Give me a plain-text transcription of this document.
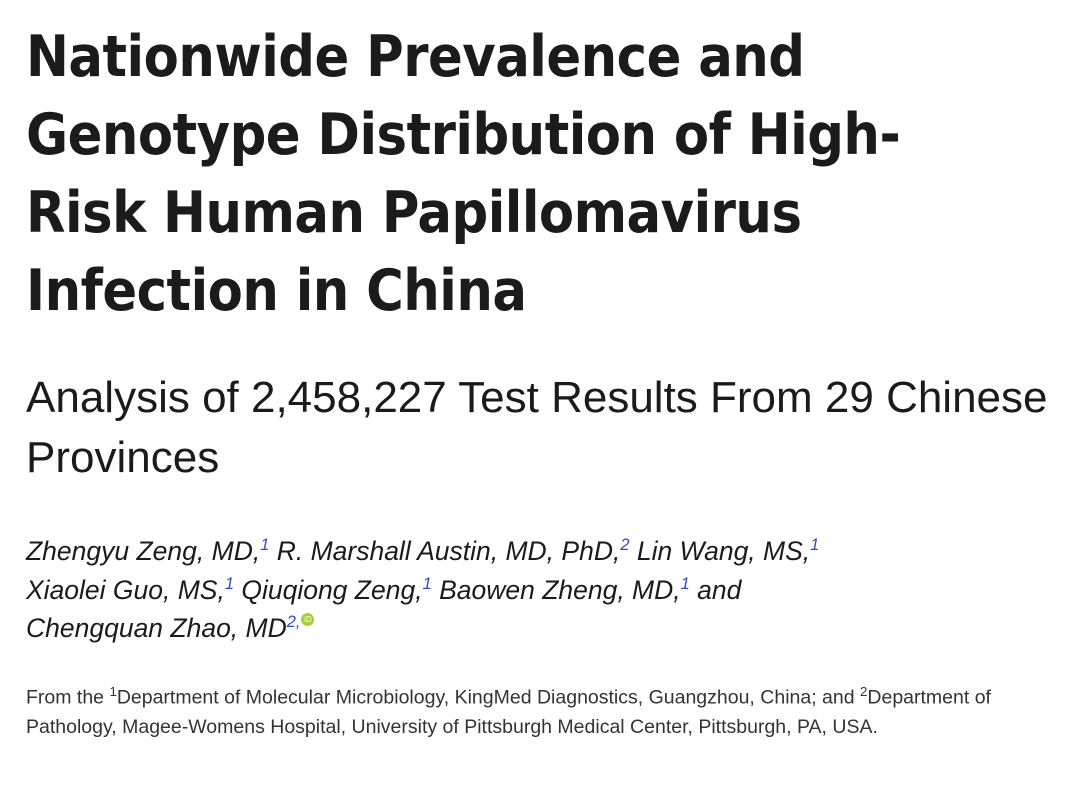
Nationwide Prevalence and Genotype Distribution of High-Risk Human Papillomavirus Infection in China
Analysis of 2,458,227 Test Results From 29 Chinese Provinces
Zhengyu Zeng, MD,$^1$ R. Marshall Austin, MD, PhD,$^2$ Lin Wang, MS,$^1$
Xiaolei Guo, MS,$^1$ Qiuqiong Zeng,$^1$ Baowen Zheng, MD,$^1$ and
Chengquan Zhao, $MD^{2,}iD$
From the $^1$Department of Molecular Microbiology, KingMed Diagnostics, Guangzhou, China; and $^2$Department of Pathology, Magee-Womens Hospital, University of Pittsburgh Medical Center, Pittsburgh, PA, USA.
